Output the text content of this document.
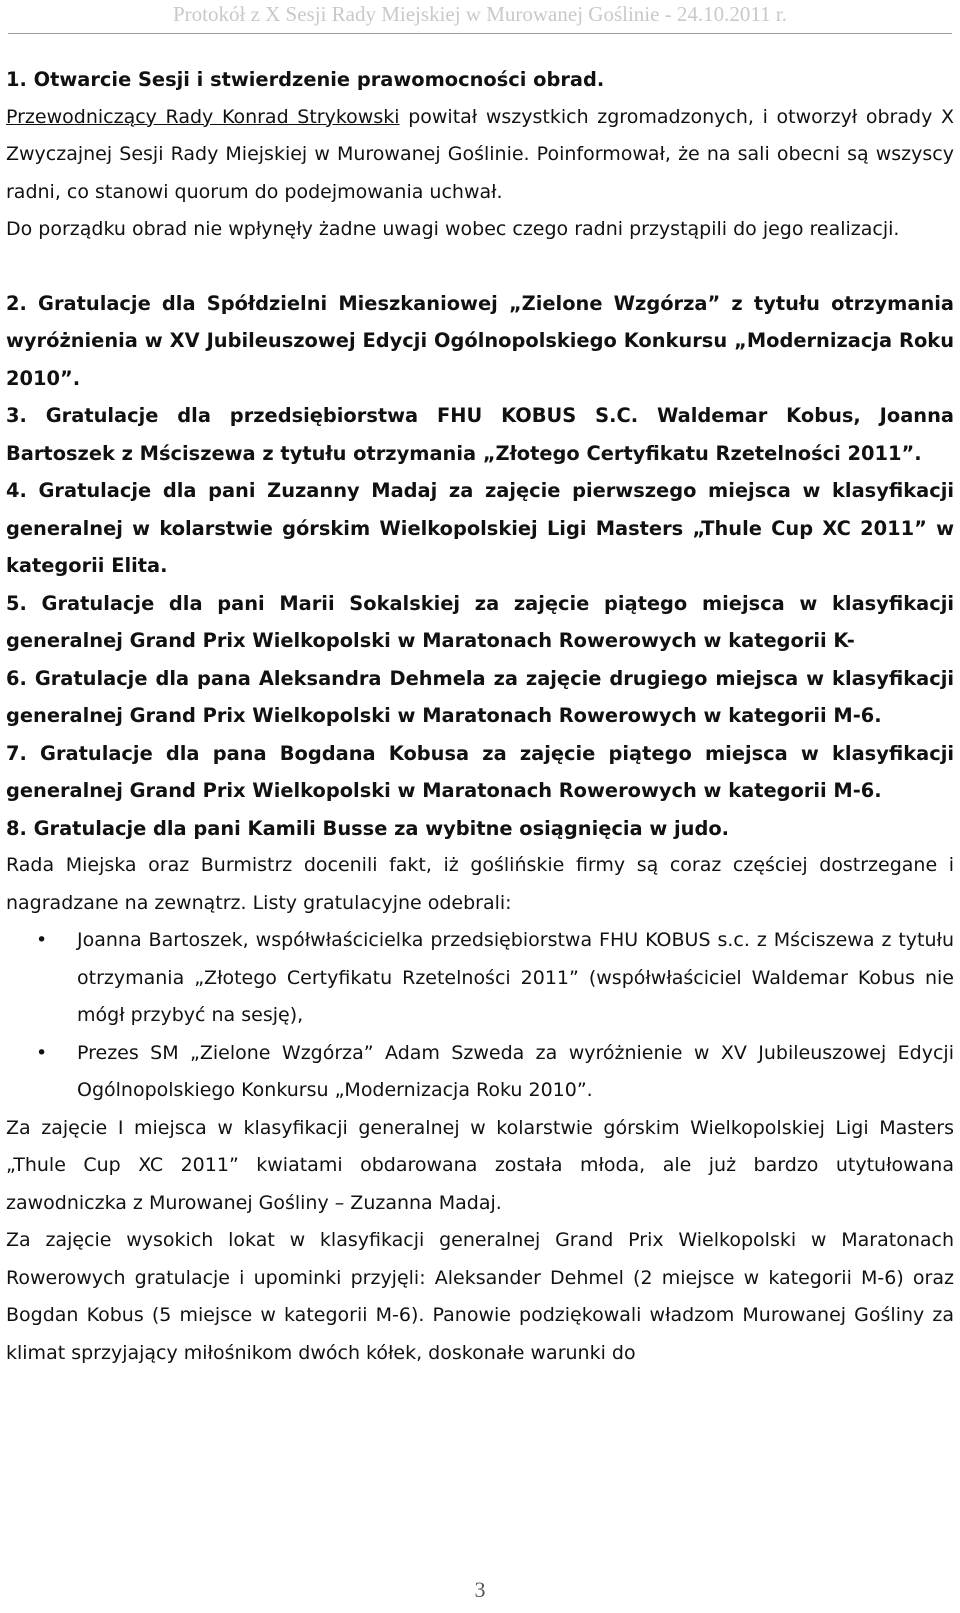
Protokół z X Sesji Rady Miejskiej w Murowanej Goślinie - 24.10.2011 r.

1. Otwarcie Sesji i stwierdzenie prawomocności obrad.

Przewodniczący Rady Konrad Strykowski powitał wszystkich zgromadzonych, i otworzył obrady X Zwyczajnej Sesji Rady Miejskiej w Murowanej Goślinie. Poinformował, że na sali obecni są wszyscy radni, co stanowi quorum do podejmowania uchwał.

Do porządku obrad nie wpłynęły żadne uwagi wobec czego radni przystąpili do jego realizacji.

2. Gratulacje dla Spółdzielni Mieszkaniowej „Zielone Wzgórza” z tytułu otrzymania wyróżnienia w XV Jubileuszowej Edycji Ogólnopolskiego Konkursu „Modernizacja Roku 2010”.

3. Gratulacje dla przedsiębiorstwa FHU KOBUS S.C. Waldemar Kobus, Joanna Bartoszek z Mściszewa z tytułu otrzymania „Złotego Certyfikatu Rzetelności 2011”.

4. Gratulacje dla pani Zuzanny Madaj za zajęcie pierwszego miejsca w klasyfikacji generalnej w kolarstwie górskim Wielkopolskiej Ligi Masters „Thule Cup XC 2011” w kategorii Elita.

5. Gratulacje dla pani Marii Sokalskiej za zajęcie piątego miejsca w klasyfikacji generalnej Grand Prix Wielkopolski w Maratonach Rowerowych w kategorii K-

6. Gratulacje dla pana Aleksandra Dehmela za zajęcie drugiego miejsca w klasyfikacji generalnej Grand Prix Wielkopolski w Maratonach Rowerowych w kategorii M-6.

7. Gratulacje dla pana Bogdana Kobusa za zajęcie piątego miejsca w klasyfikacji generalnej Grand Prix Wielkopolski w Maratonach Rowerowych w kategorii M-6.

8. Gratulacje dla pani Kamili Busse za wybitne osiągnięcia w judo.

Rada Miejska oraz Burmistrz docenili fakt, iż goślińskie firmy są coraz częściej dostrzegane i nagradzane na zewnątrz. Listy gratulacyjne odebrali:

• Joanna Bartoszek, współwłaścicielka przedsiębiorstwa FHU KOBUS s.c. z Mściszewa z tytułu otrzymania „Złotego Certyfikatu Rzetelności 2011” (współwłaściciel Waldemar Kobus nie mógł przybyć na sesję),
• Prezes SM „Zielone Wzgórza” Adam Szweda za wyróżnienie w XV Jubileuszowej Edycji Ogólnopolskiego Konkursu „Modernizacja Roku 2010”.

Za zajęcie I miejsca w klasyfikacji generalnej w kolarstwie górskim Wielkopolskiej Ligi Masters „Thule Cup XC 2011” kwiatami obdarowana została młoda, ale już bardzo utytułowana zawodniczka z Murowanej Gośliny – Zuzanna Madaj.

Za zajęcie wysokich lokat w klasyfikacji generalnej Grand Prix Wielkopolski w Maratonach Rowerowych gratulacje i upominki przyjęli: Aleksander Dehmel (2 miejsce w kategorii M-6) oraz Bogdan Kobus (5 miejsce w kategorii M-6). Panowie podziękowali władzom Murowanej Gośliny za klimat sprzyjający miłośnikom dwóch kółek, doskonałe warunki do

3
